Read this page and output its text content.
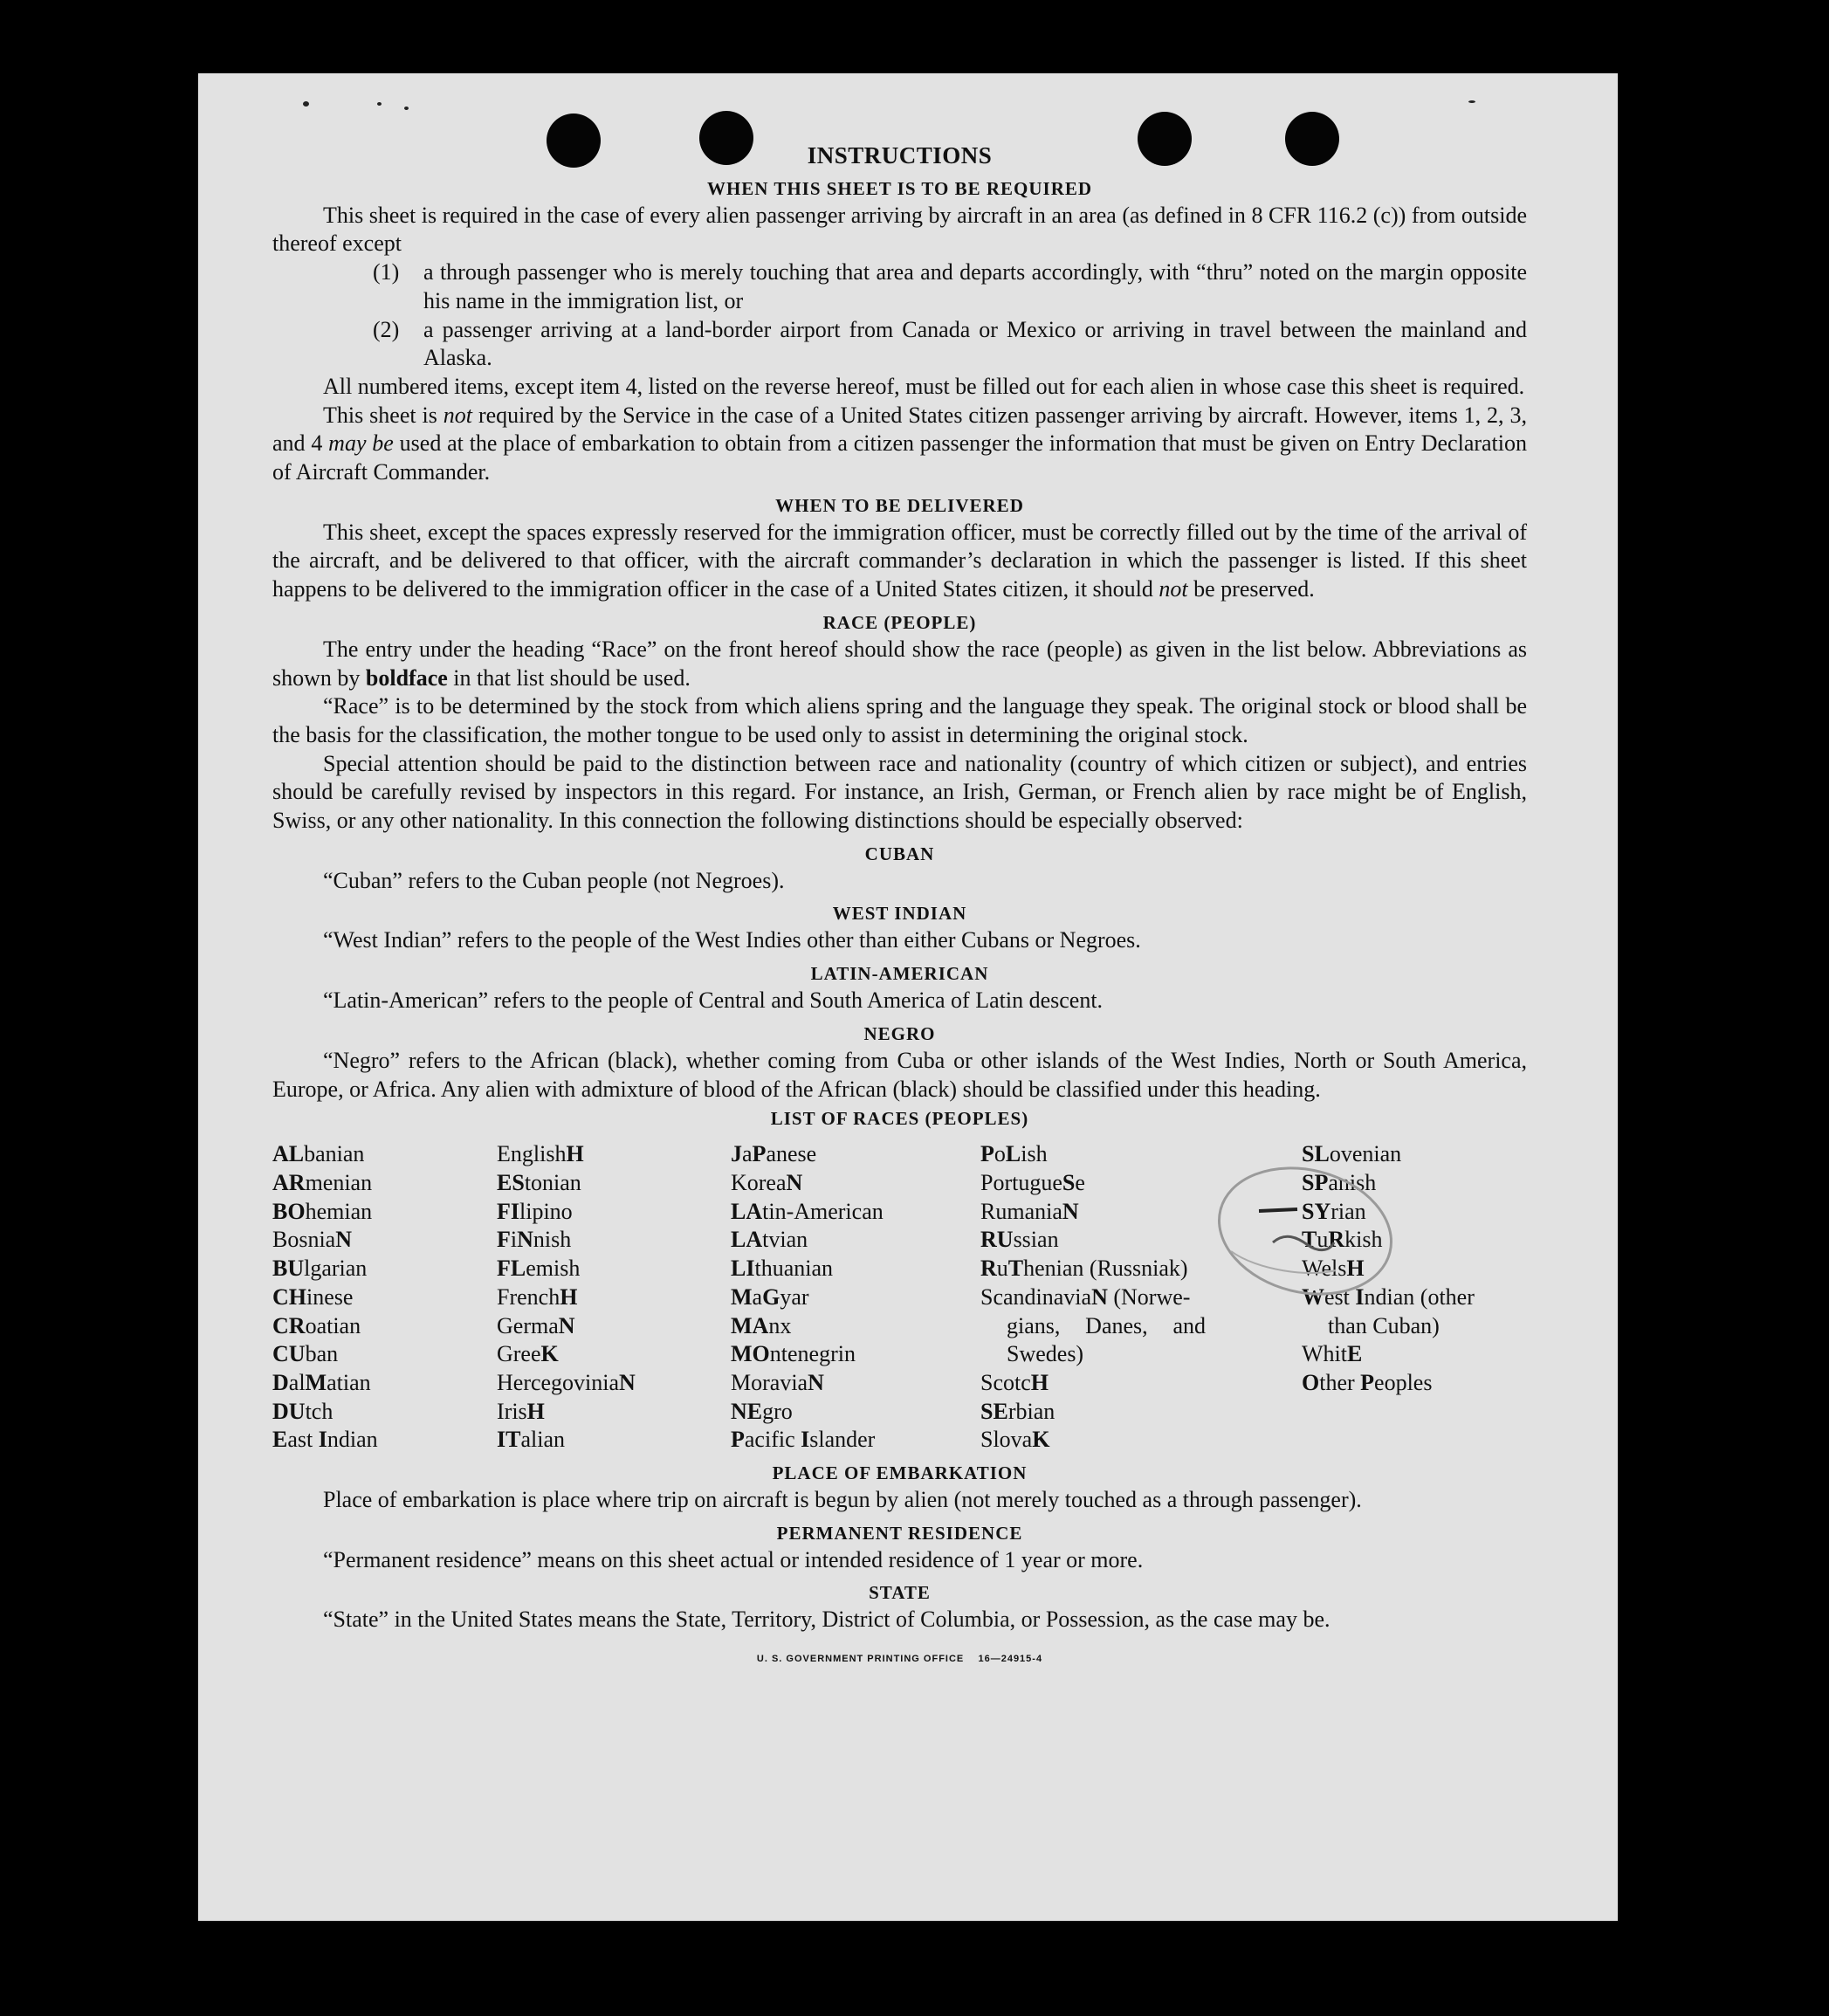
INSTRUCTIONS
WHEN THIS SHEET IS TO BE REQUIRED

This sheet is required in the case of every alien passenger arriving by aircraft in an area (as defined in 8 CFR 116.2 (c)) from outside thereof except

(1)	a through passenger who is merely touching that area and departs accordingly, with “thru” noted on the margin opposite his name in the immigration list, or
(2)	a passenger arriving at a land-border airport from Canada or Mexico or arriving in travel between the mainland and Alaska.

All numbered items, except item 4, listed on the reverse hereof, must be filled out for each alien in whose case this sheet is required.

This sheet is not required by the Service in the case of a United States citizen passenger arriving by aircraft. However, items 1, 2, 3, and 4 may be used at the place of embarkation to obtain from a citizen passenger the information that must be given on Entry Declaration of Aircraft Commander.

WHEN TO BE DELIVERED

This sheet, except the spaces expressly reserved for the immigration officer, must be correctly filled out by the time of the arrival of the aircraft, and be delivered to that officer, with the aircraft commander’s declaration in which the passenger is listed. If this sheet happens to be delivered to the immigration officer in the case of a United States citizen, it should not be preserved.

RACE (PEOPLE)

The entry under the heading “Race” on the front hereof should show the race (people) as given in the list below. Abbreviations as shown by boldface in that list should be used.

“Race” is to be determined by the stock from which aliens spring and the language they speak. The original stock or blood shall be the basis for the classification, the mother tongue to be used only to assist in determining the original stock.

Special attention should be paid to the distinction between race and nationality (country of which citizen or subject), and entries should be carefully revised by inspectors in this regard. For instance, an Irish, German, or French alien by race might be of English, Swiss, or any other nationality. In this connection the following distinctions should be especially observed:

CUBAN

“Cuban” refers to the Cuban people (not Negroes).

WEST INDIAN

“West Indian” refers to the people of the West Indies other than either Cubans or Negroes.

LATIN-AMERICAN

“Latin-American” refers to the people of Central and South America of Latin descent.

NEGRO

“Negro” refers to the African (black), whether coming from Cuba or other islands of the West Indies, North or South America, Europe, or Africa. Any alien with admixture of blood of the African (black) should be classified under this heading.

LIST OF RACES (PEOPLES)
ALbanian
ARmenian
BOhemian
BosniaN
BUlgarian
CHinese
CRoatian
CUban
DalMatian
DUtch
East Indian
EnglishH
EStonian
FIlipino
FiNnish
FLemish
FrenchH
GermaN
GreeK
HercegoviniaN
IrisH
ITalian
JaPanese
KoreaN
LAtin-American
LAtvian
LIthuanian
MaGyar
MAnx
MOntenegrin
MoraviaN
NEgro
Pacific Islander
PoLish
PortugueSe
RumaniaN
RUssian
RuThenian (Russniak)
ScandinaviaN (Norwe-
gians, Danes, and
Swedes)
ScotcH
SErbian
SlovaK
SLovenian
SPanish
SYrian
TuRkish
WelsH
West Indian (other
than Cuban)
WhitE
Other Peoples
PLACE OF EMBARKATION

Place of embarkation is place where trip on aircraft is begun by alien (not merely touched as a through passenger).

PERMANENT RESIDENCE

“Permanent residence” means on this sheet actual or intended residence of 1 year or more.

STATE

“State” in the United States means the State, Territory, District of Columbia, or Possession, as the case may be.

U. S. GOVERNMENT PRINTING OFFICE    16—24915-4
